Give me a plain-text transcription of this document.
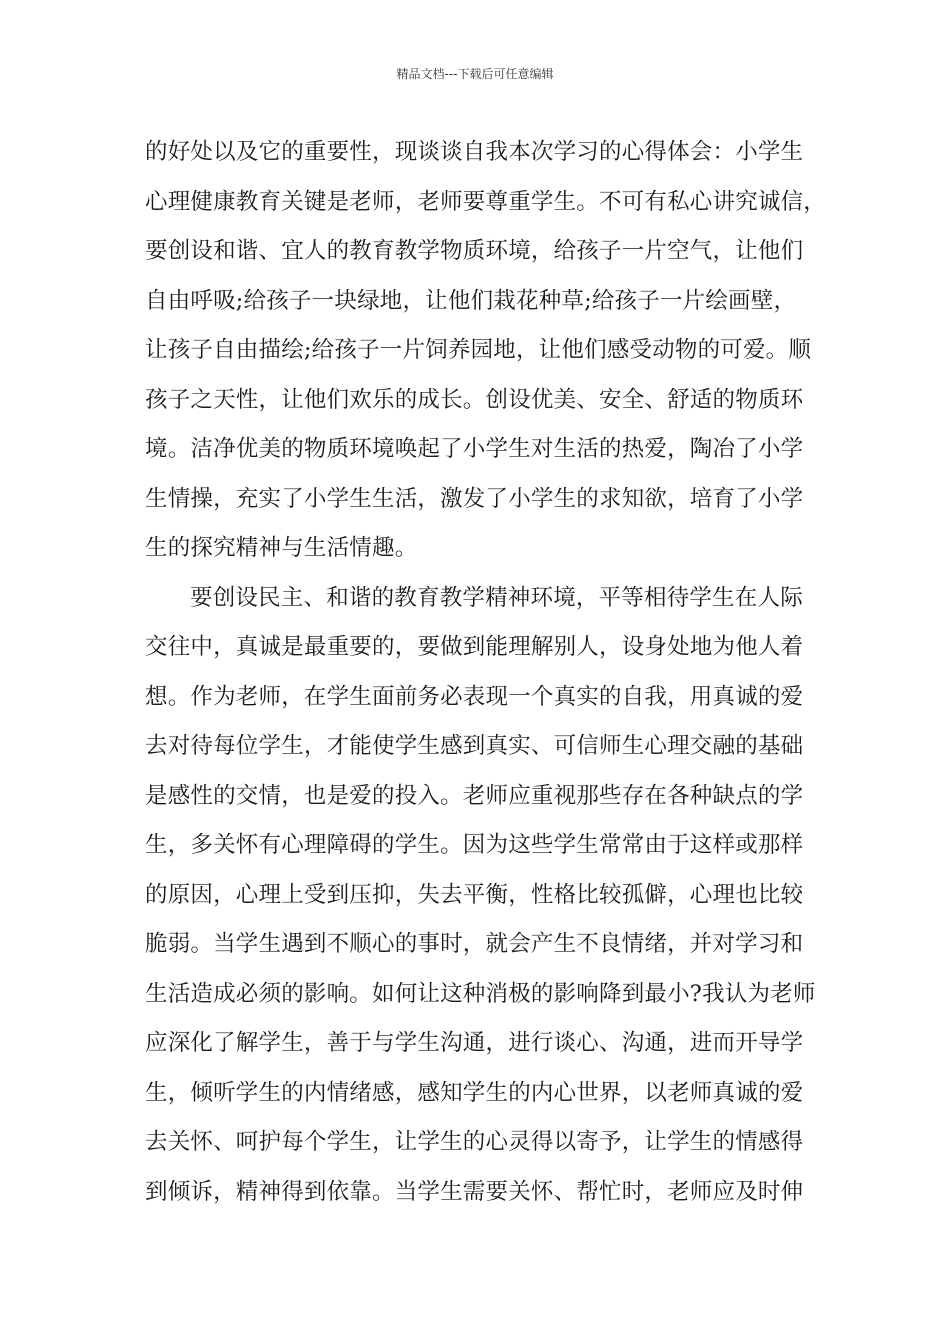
精品文档---下载后可任意编辑
的好处以及它的重要性，现谈谈自我本次学习的心得体会：小学生
心理健康教育关键是老师，老师要尊重学生。不可有私心讲究诚信，
要创设和谐、宜人的教育教学物质环境，给孩子一片空气，让他们
自由呼吸;给孩子一块绿地，让他们栽花种草;给孩子一片绘画壁，
让孩子自由描绘;给孩子一片饲养园地，让他们感受动物的可爱。顺
孩子之天性，让他们欢乐的成长。创设优美、安全、舒适的物质环
境。洁净优美的物质环境唤起了小学生对生活的热爱，陶冶了小学
生情操，充实了小学生生活，激发了小学生的求知欲，培育了小学
生的探究精神与生活情趣。
要创设民主、和谐的教育教学精神环境，平等相待学生在人际
交往中，真诚是最重要的，要做到能理解别人，设身处地为他人着
想。作为老师，在学生面前务必表现一个真实的自我，用真诚的爱
去对待每位学生，才能使学生感到真实、可信师生心理交融的基础
是感性的交情，也是爱的投入。老师应重视那些存在各种缺点的学
生，多关怀有心理障碍的学生。因为这些学生常常由于这样或那样
的原因，心理上受到压抑，失去平衡，性格比较孤僻，心理也比较
脆弱。当学生遇到不顺心的事时，就会产生不良情绪，并对学习和
生活造成必须的影响。如何让这种消极的影响降到最小?我认为老师
应深化了解学生，善于与学生沟通，进行谈心、沟通，进而开导学
生，倾听学生的内情绪感，感知学生的内心世界，以老师真诚的爱
去关怀、呵护每个学生，让学生的心灵得以寄予，让学生的情感得
到倾诉，精神得到依靠。当学生需要关怀、帮忙时，老师应及时伸
